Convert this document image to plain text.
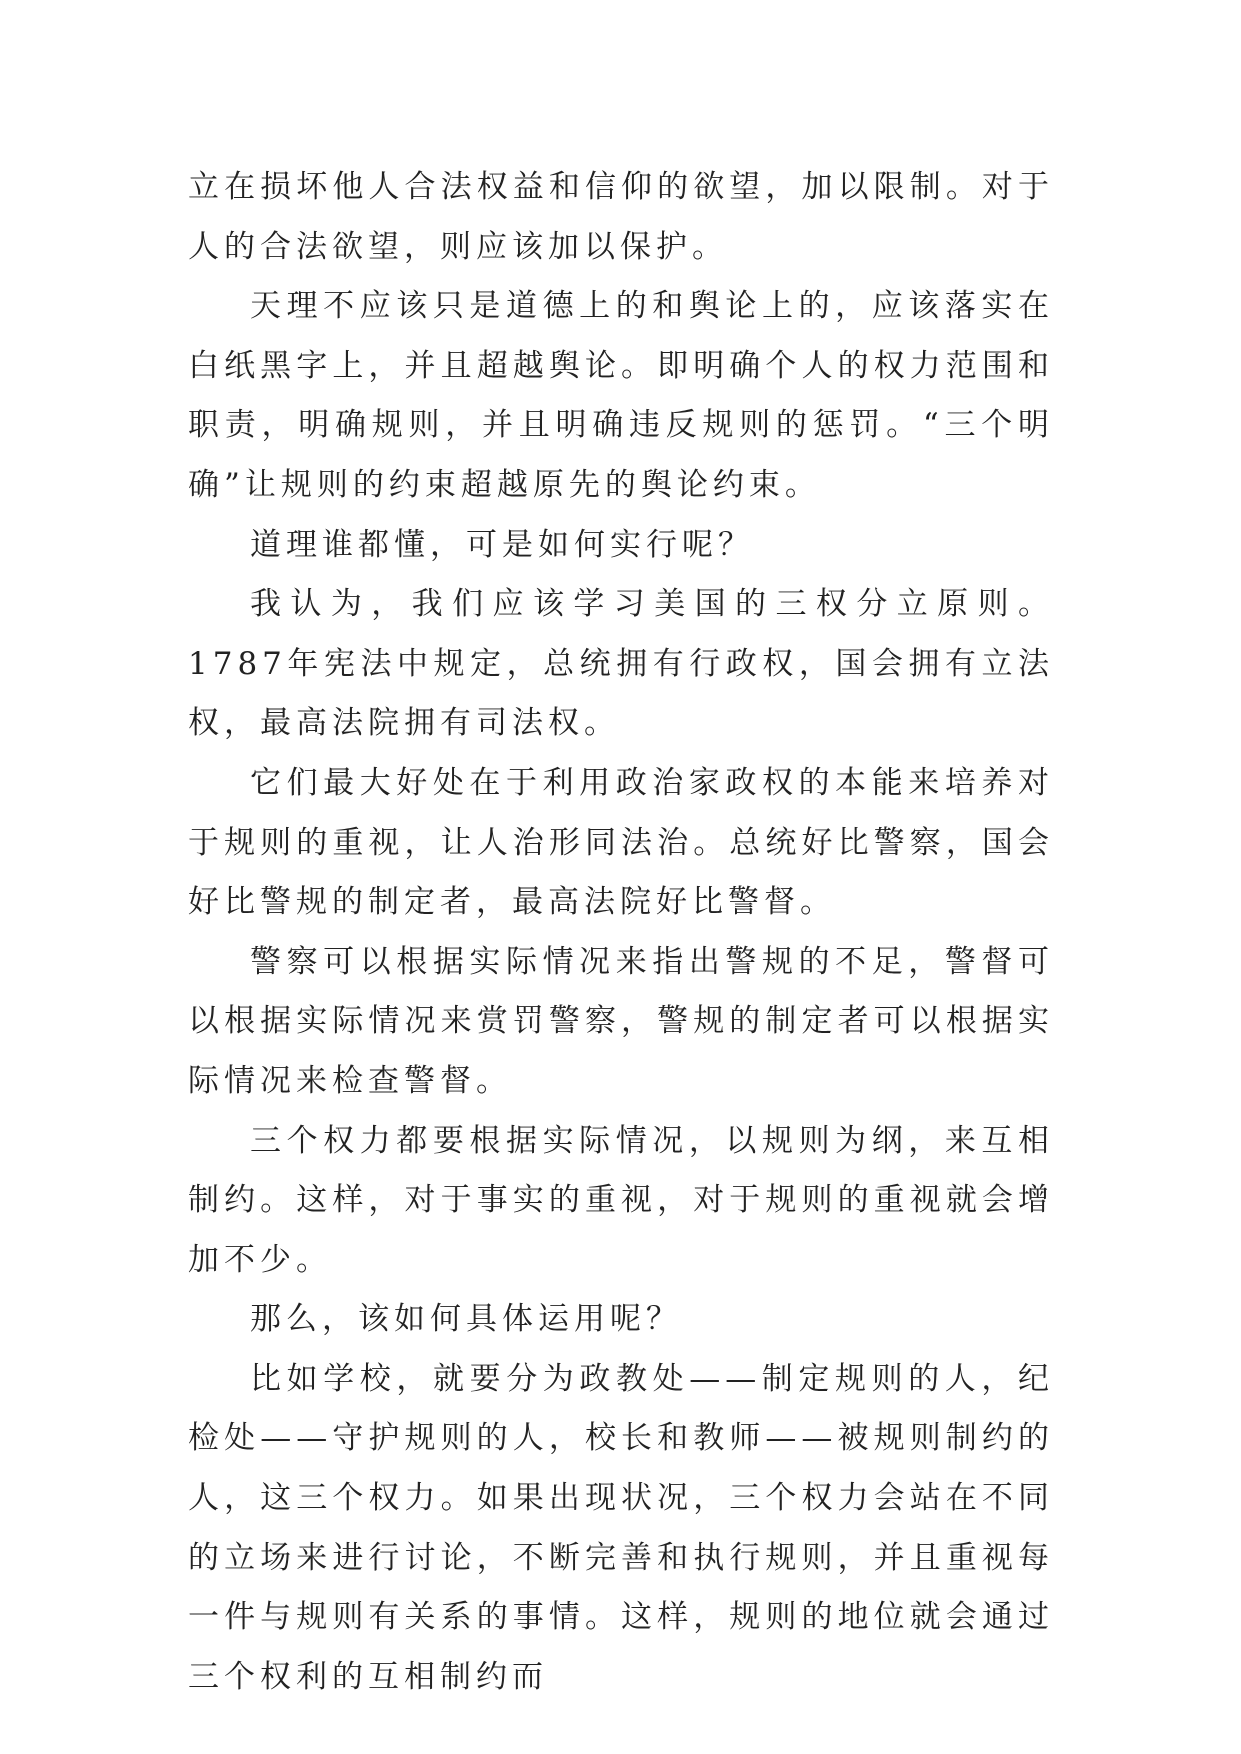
立在损坏他人合法权益和信仰的欲望，加以限制。对于人的合法欲望，则应该加以保护。

天理不应该只是道德上的和舆论上的，应该落实在白纸黑字上，并且超越舆论。即明确个人的权力范围和职责，明确规则，并且明确违反规则的惩罚。“三个明确”让规则的约束超越原先的舆论约束。

道理谁都懂，可是如何实行呢？

我认为，我们应该学习美国的三权分立原则。1787年宪法中规定，总统拥有行政权，国会拥有立法权，最高法院拥有司法权。

它们最大好处在于利用政治家政权的本能来培养对于规则的重视，让人治形同法治。总统好比警察，国会好比警规的制定者，最高法院好比警督。

警察可以根据实际情况来指出警规的不足，警督可以根据实际情况来赏罚警察，警规的制定者可以根据实际情况来检查警督。

三个权力都要根据实际情况，以规则为纲，来互相制约。这样，对于事实的重视，对于规则的重视就会增加不少。

那么，该如何具体运用呢？

比如学校，就要分为政教处——制定规则的人，纪检处——守护规则的人，校长和教师——被规则制约的人，这三个权力。如果出现状况，三个权力会站在不同的立场来进行讨论，不断完善和执行规则，并且重视每一件与规则有关系的事情。这样，规则的地位就会通过三个权利的互相制约而
